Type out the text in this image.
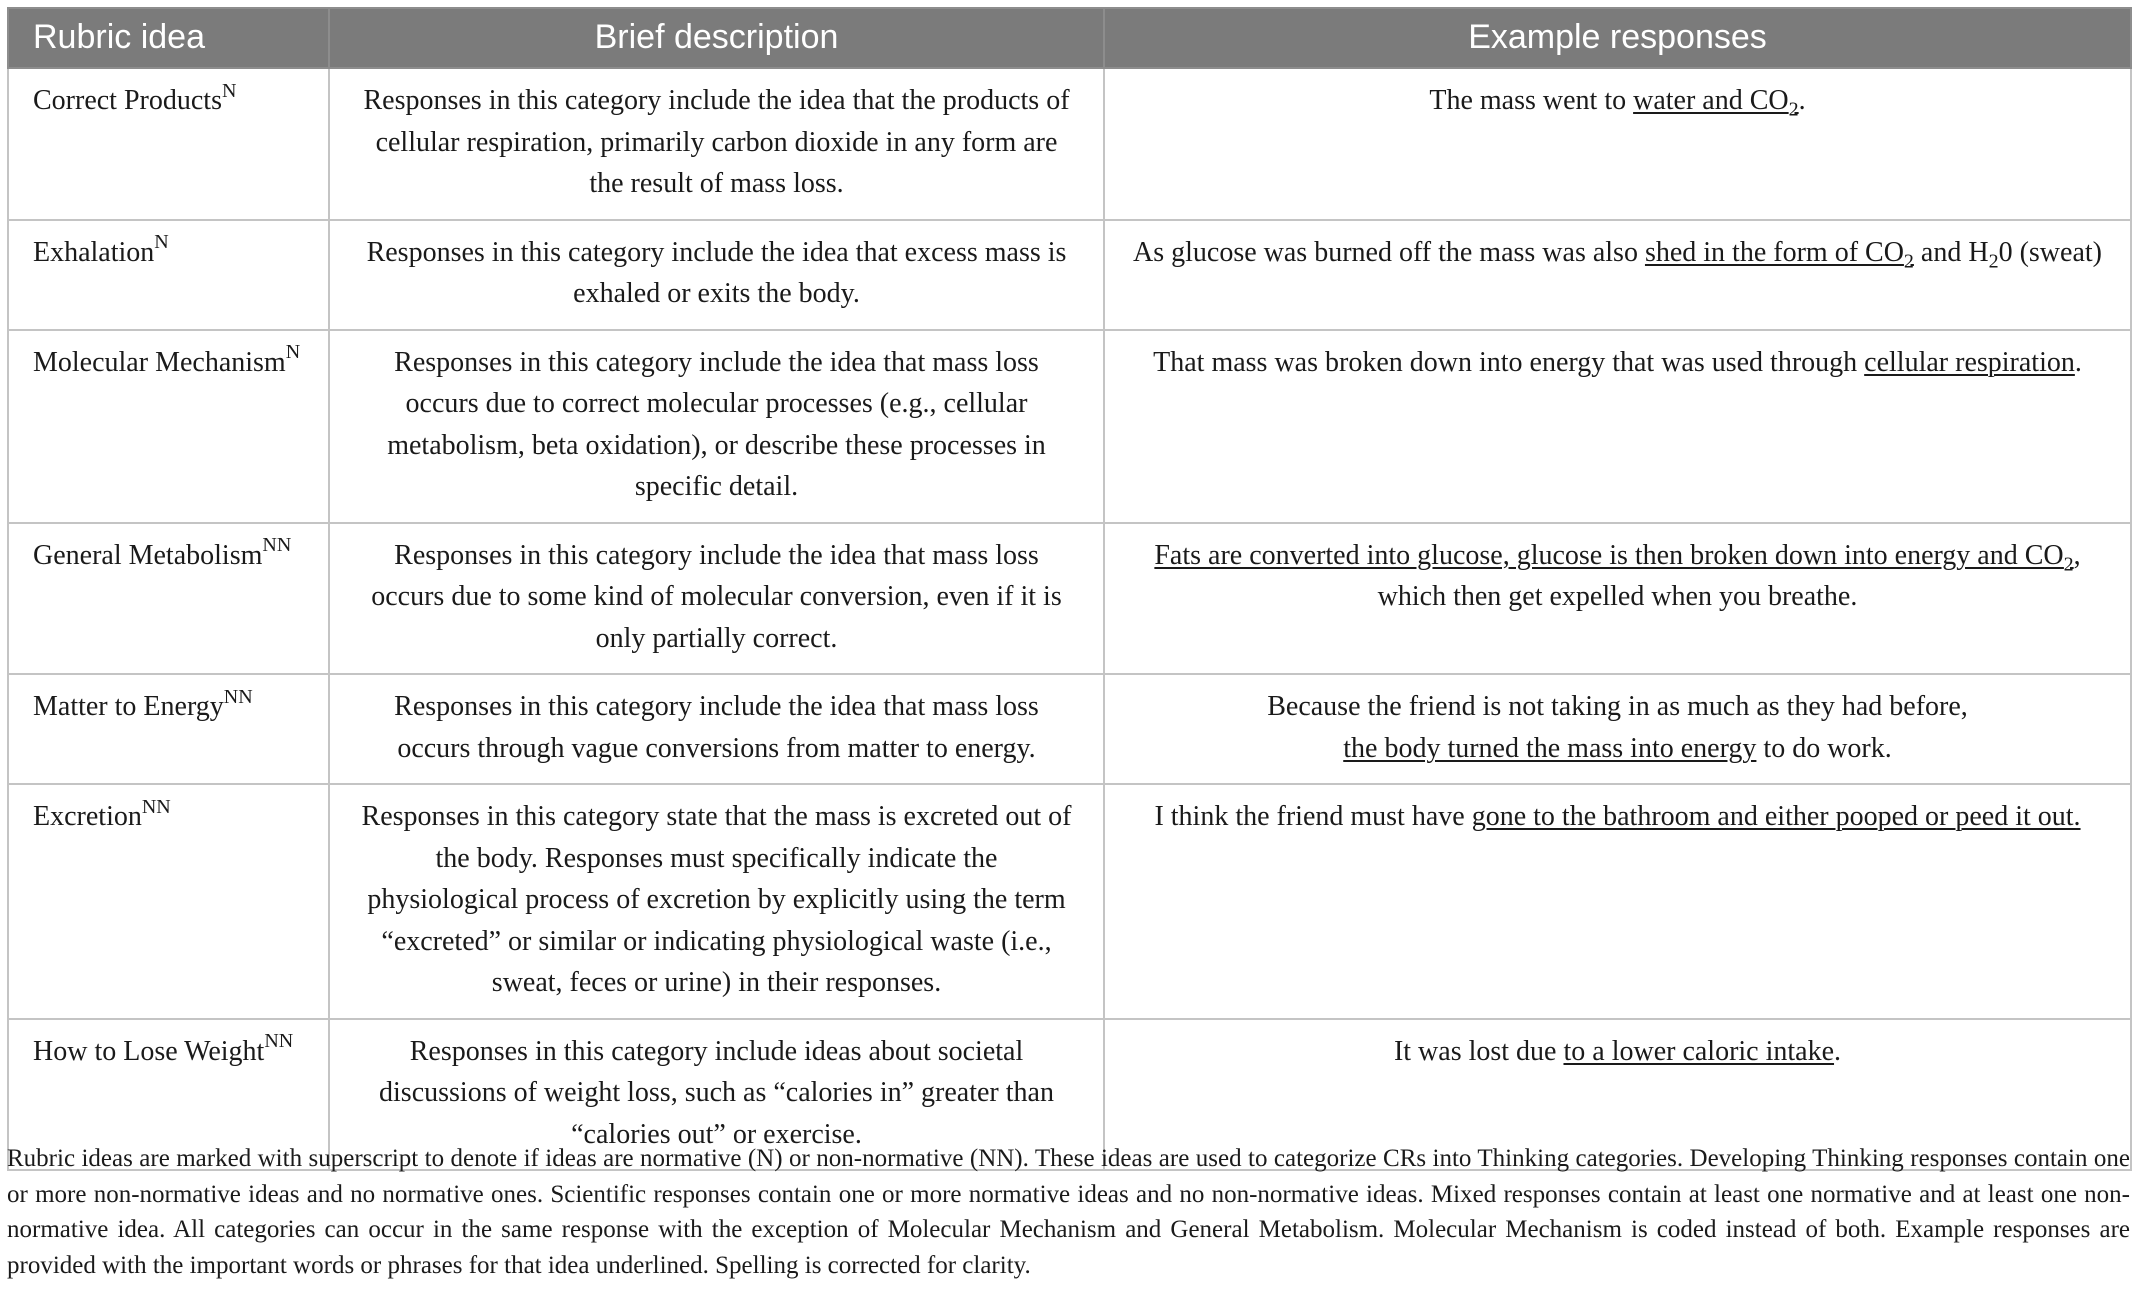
Rubric idea	Brief description	Example responses
Correct Products$^N$	Responses in this category include the idea that the products of cellular respiration, primarily carbon dioxide in any form are the result of mass loss.	The mass went to water and $CO_2$.
Exhalation$^N$	Responses in this category include the idea that excess mass is exhaled or exits the body.	As glucose was burned off the mass was also shed in the form of $CO_2$ and $H_20$ (sweat)
Molecular Mechanism$^N$	Responses in this category include the idea that mass loss occurs due to correct molecular processes (e.g., cellular metabolism, beta oxidation), or describe these processes in specific detail.	That mass was broken down into energy that was used through cellular respiration.
General Metabolism$^{NN}$	Responses in this category include the idea that mass loss occurs due to some kind of molecular conversion, even if it is only partially correct.	Fats are converted into glucose, glucose is then broken down into energy and $CO_2$, which then get expelled when you breathe.
Matter to Energy$^{NN}$	Responses in this category include the idea that mass loss occurs through vague conversions from matter to energy.	Because the friend is not taking in as much as they had before,
the body turned the mass into energy to do work.
Excretion$^{NN}$	Responses in this category state that the mass is excreted out of the body. Responses must specifically indicate the physiological process of excretion by explicitly using the term “excreted” or similar or indicating physiological waste (i.e., sweat, feces or urine) in their responses.	I think the friend must have gone to the bathroom and either pooped or peed it out.
How to Lose Weight$^{NN}$	Responses in this category include ideas about societal discussions of weight loss, such as “calories in” greater than “calories out” or exercise.	It was lost due to a lower caloric intake.
Rubric ideas are marked with superscript to denote if ideas are normative (N) or non-normative (NN). These ideas are used to categorize CRs into Thinking categories. Developing Thinking responses contain one or more non-normative ideas and no normative ones. Scientific responses contain one or more normative ideas and no non-normative ideas. Mixed responses contain at least one normative and at least one non-normative idea. All categories can occur in the same response with the exception of Molecular Mechanism and General Metabolism. Molecular Mechanism is coded instead of both. Example responses are provided with the important words or phrases for that idea underlined. Spelling is corrected for clarity.
